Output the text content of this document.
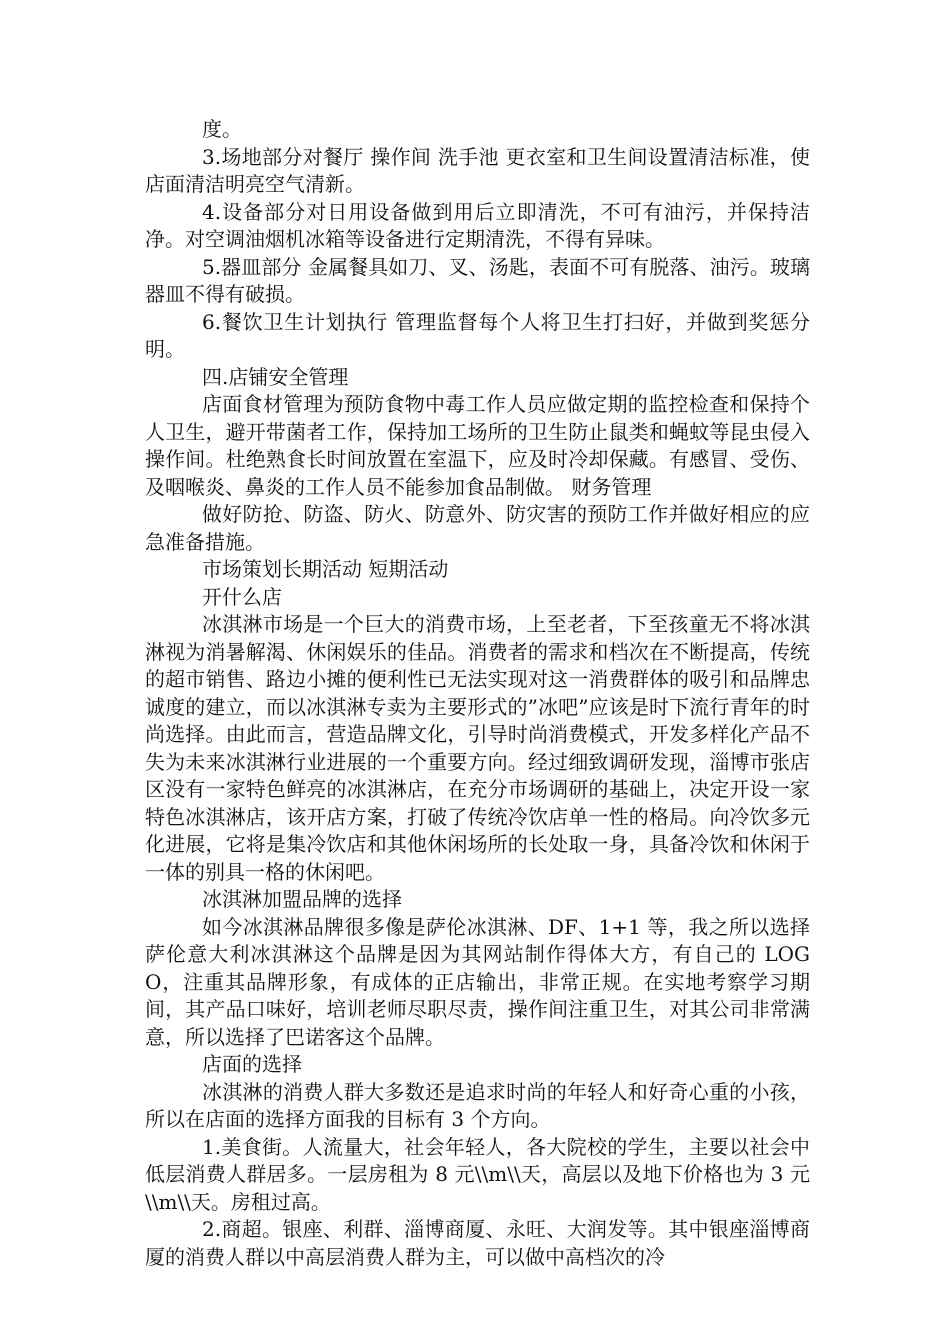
度。

3.场地部分对餐厅 操作间 洗手池 更衣室和卫生间设置清洁标准，使店面清洁明亮空气清新。

4.设备部分对日用设备做到用后立即清洗，不可有油污，并保持洁净。对空调油烟机冰箱等设备进行定期清洗，不得有异味。

5.器皿部分 金属餐具如刀、叉、汤匙，表面不可有脱落、油污。玻璃器皿不得有破损。

6.餐饮卫生计划执行 管理监督每个人将卫生打扫好，并做到奖惩分明。

四.店铺安全管理

店面食材管理为预防食物中毒工作人员应做定期的监控检查和保持个人卫生，避开带菌者工作，保持加工场所的卫生防止鼠类和蝇蚊等昆虫侵入操作间。杜绝熟食长时间放置在室温下，应及时冷却保藏。有感冒、受伤、及咽喉炎、鼻炎的工作人员不能参加食品制做。 财务管理

做好防抢、防盗、防火、防意外、防灾害的预防工作并做好相应的应急准备措施。

市场策划长期活动 短期活动

开什么店

冰淇淋市场是一个巨大的消费市场，上至老者，下至孩童无不将冰淇淋视为消暑解渴、休闲娱乐的佳品。消费者的需求和档次在不断提高，传统的超市销售、路边小摊的便利性已无法实现对这一消费群体的吸引和品牌忠诚度的建立，而以冰淇淋专卖为主要形式的”冰吧”应该是时下流行青年的时尚选择。由此而言，营造品牌文化，引导时尚消费模式，开发多样化产品不失为未来冰淇淋行业进展的一个重要方向。经过细致调研发现，淄博市张店区没有一家特色鲜亮的冰淇淋店，在充分市场调研的基础上，决定开设一家特色冰淇淋店，该开店方案，打破了传统冷饮店单一性的格局。向冷饮多元化进展，它将是集冷饮店和其他休闲场所的长处取一身，具备冷饮和休闲于一体的别具一格的休闲吧。

冰淇淋加盟品牌的选择

如今冰淇淋品牌很多像是萨伦冰淇淋、DF、1+1 等，我之所以选择萨伦意大利冰淇淋这个品牌是因为其网站制作得体大方，有自己的 LOGO，注重其品牌形象，有成体的正店输出，非常正规。在实地考察学习期间，其产品口味好，培训老师尽职尽责，操作间注重卫生，对其公司非常满意，所以选择了巴诺客这个品牌。

店面的选择

冰淇淋的消费人群大多数还是追求时尚的年轻人和好奇心重的小孩，所以在店面的选择方面我的目标有 3 个方向。

1.美食街。人流量大，社会年轻人，各大院校的学生，主要以社会中低层消费人群居多。一层房租为 8 元\\m\\天，高层以及地下价格也为 3 元\\m\\天。房租过高。

2.商超。银座、利群、淄博商厦、永旺、大润发等。其中银座淄博商厦的消费人群以中高层消费人群为主，可以做中高档次的冷
